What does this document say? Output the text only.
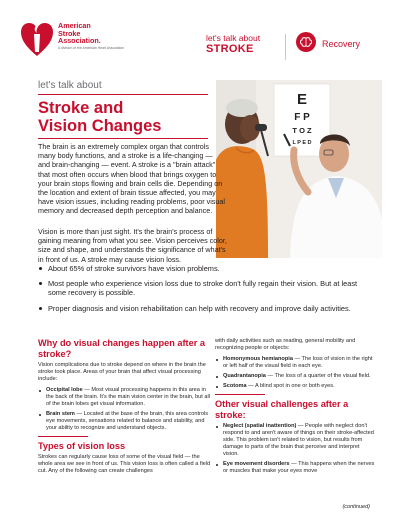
American
Stroke
Association.
A division of the American Heart Association
let's talk about
STROKE	Recovery
let's talk about
Stroke and
Vision Changes
E
F P
T O Z
L P E D
The brain is an extremely complex organ that controls many body functions, and a stroke is a life-changing — and brain-changing — event. A stroke is a "brain attack" that most often occurs when blood that brings oxygen to your brain stops flowing and brain cells die. Depending on the location and extent of brain tissue affected, you may have vision issues, including reading problems, poor visual memory and decreased depth perception and balance.
Vision is more than just sight. It's the brain's process of gaining meaning from what you see. Vision perceives color, size and shape, and understands the significance of what's in front of us. A stroke may cause vision loss.
About 65% of stroke survivors have vision problems.
Most people who experience vision loss due to stroke don't fully regain their vision. But at least some recovery is possible.
Proper diagnosis and vision rehabilitation can help with recovery and improve daily activities.
Why do visual changes happen after a stroke?
Vision complications due to stroke depend on where in the brain the stroke took place. Areas of your brain that affect visual processing include:
Occipital lobe — Most visual processing happens in this area in the back of the brain. It's the main vision center in the brain, but all of the brain lobes get visual information.
Brain stem — Located at the base of the brain, this area controls eye movements, sensations related to balance and stability, and your ability to recognize and understand objects.
Types of vision loss
Strokes can regularly cause loss of some of the visual field — the whole area we see in front of us. This vision loss is often called a field cut. Any of the following can create challenges
with daily activities such as reading, general mobility and recognizing people or objects:
Homonymous hemianopia — The loss of vision in the right or left half of the visual field in each eye.
Quadrantanopia — The loss of a quarter of the visual field.
Scotoma — A blind spot in one or both eyes.
Other visual challenges after a stroke:
Neglect (spatial inattention) — People with neglect don't respond to and aren't aware of things on their stroke-affected side. This problem isn't related to vision, but results from damage to parts of the brain that perceive and interpret vision.
Eye movement disorders — This happens when the nerves or muscles that make your eyes move
(continued)
